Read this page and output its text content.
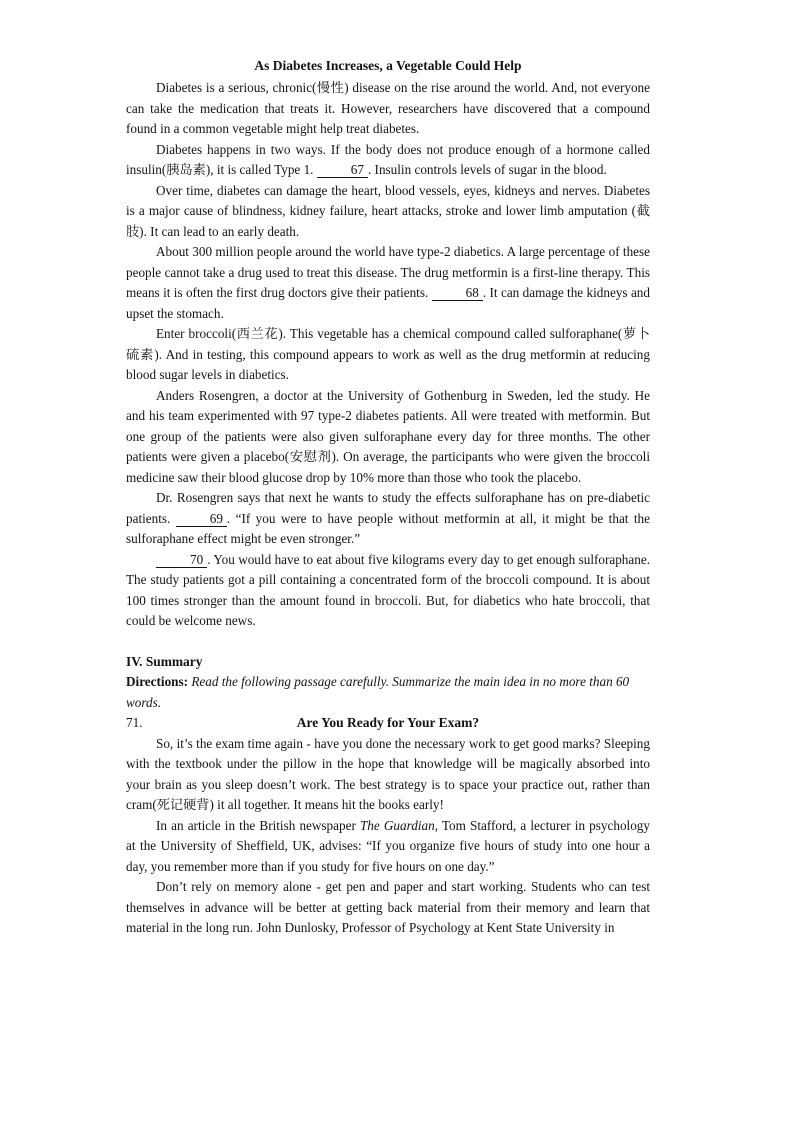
As Diabetes Increases, a Vegetable Could Help

Diabetes is a serious, chronic(慢性) disease on the rise around the world. And, not everyone can take the medication that treats it. However, researchers have discovered that a compound found in a common vegetable might help treat diabetes.

Diabetes happens in two ways. If the body does not produce enough of a hormone called insulin(胰岛素), it is called Type 1.	67 . Insulin controls levels of sugar in the blood.

Over time, diabetes can damage the heart, blood vessels, eyes, kidneys and nerves. Diabetes is a major cause of blindness, kidney failure, heart attacks, stroke and lower limb amputation (截肢). It can lead to an early death.

About 300 million people around the world have type-2 diabetics. A large percentage of these people cannot take a drug used to treat this disease. The drug metformin is a first-line therapy. This means it is often the first drug doctors give their patients.	68 . It can damage the kidneys and upset the stomach.

Enter broccoli(西兰花). This vegetable has a chemical compound called sulforaphane(萝卜硫素). And in testing, this compound appears to work as well as the drug metformin at reducing blood sugar levels in diabetics.

Anders Rosengren, a doctor at the University of Gothenburg in Sweden, led the study. He and his team experimented with 97 type-2 diabetes patients. All were treated with metformin. But one group of the patients were also given sulforaphane every day for three months. The other patients were given a placebo(安慰剂). On average, the participants who were given the broccoli medicine saw their blood glucose drop by 10% more than those who took the placebo.

Dr. Rosengren says that next he wants to study the effects sulforaphane has on pre-diabetic patients.	69 . “If you were to have people without metformin at all, it might be that the sulforaphane effect might be even stronger.”

70 . You would have to eat about five kilograms every day to get enough sulforaphane. The study patients got a pill containing a concentrated form of the broccoli compound. It is about 100 times stronger than the amount found in broccoli. But, for diabetics who hate broccoli, that could be welcome news.

IV. Summary

Directions: Read the following passage carefully. Summarize the main idea in no more than 60 words.

71.	Are You Ready for Your Exam?

So, it’s the exam time again - have you done the necessary work to get good marks? Sleeping with the textbook under the pillow in the hope that knowledge will be magically absorbed into your brain as you sleep doesn’t work. The best strategy is to space your practice out, rather than cram(死记硬背) it all together. It means hit the books early!

In an article in the British newspaper The Guardian, Tom Stafford, a lecturer in psychology at the University of Sheffield, UK, advises: “If you organize five hours of study into one hour a day, you remember more than if you study for five hours on one day.”

Don’t rely on memory alone - get pen and paper and start working. Students who can test themselves in advance will be better at getting back material from their memory and learn that material in the long run. John Dunlosky, Professor of Psychology at Kent State University in
